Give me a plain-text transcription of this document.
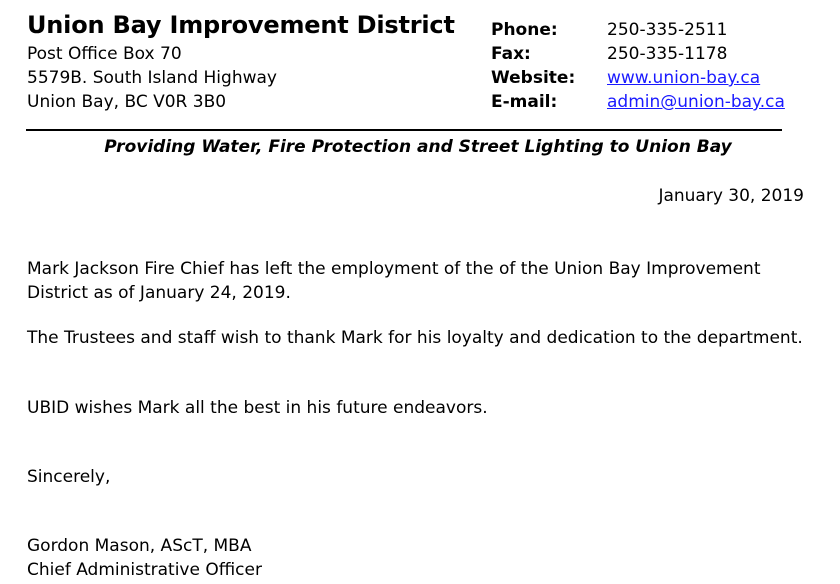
Union Bay Improvement District
Post Office Box 70
5579B. South Island Highway
Union Bay, BC V0R 3B0
Phone:	250-335-2511
Fax:	250-335-1178
Website: www.union-bay.ca
E-mail:	admin@union-bay.ca
Providing Water, Fire Protection and Street Lighting to Union Bay
January 30, 2019
Mark Jackson Fire Chief has left the employment of the of the Union Bay Improvement District as of January 24, 2019.
The Trustees and staff wish to thank Mark for his loyalty and dedication to the department.
UBID wishes Mark all the best in his future endeavors.
Sincerely,
Gordon Mason, AScT, MBA
Chief Administrative Officer
